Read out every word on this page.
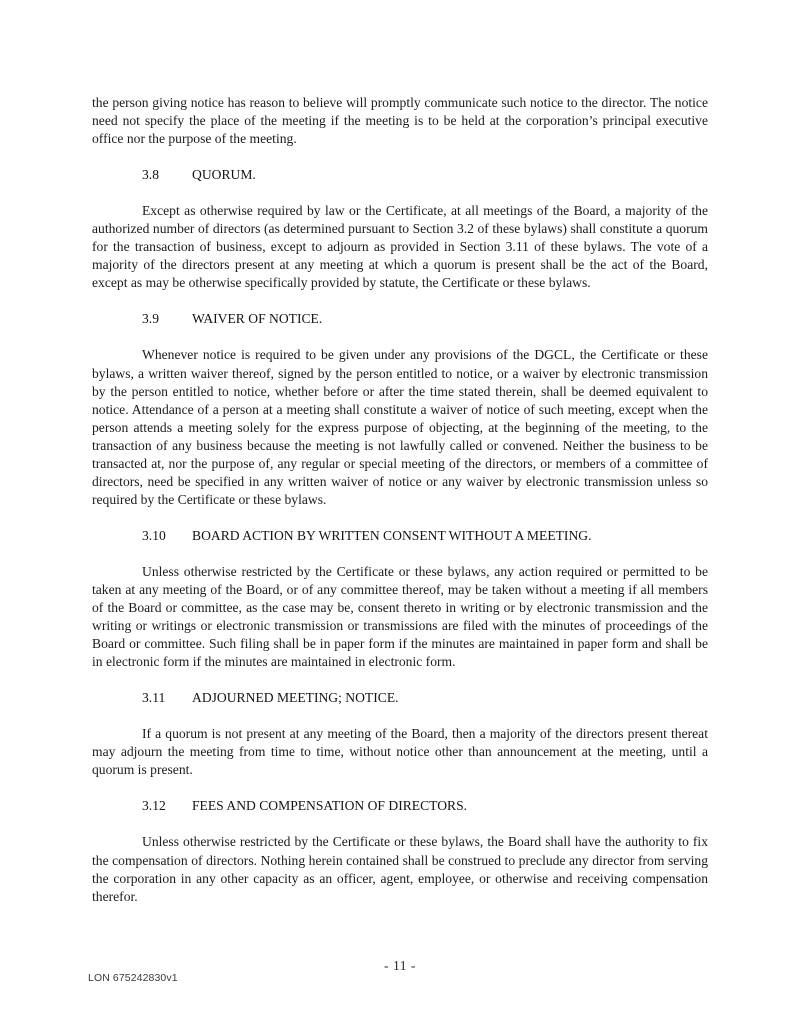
the person giving notice has reason to believe will promptly communicate such notice to the director. The notice need not specify the place of the meeting if the meeting is to be held at the corporation’s principal executive office nor the purpose of the meeting.

3.8 QUORUM.

Except as otherwise required by law or the Certificate, at all meetings of the Board, a majority of the authorized number of directors (as determined pursuant to Section 3.2 of these bylaws) shall constitute a quorum for the transaction of business, except to adjourn as provided in Section 3.11 of these bylaws. The vote of a majority of the directors present at any meeting at which a quorum is present shall be the act of the Board, except as may be otherwise specifically provided by statute, the Certificate or these bylaws.

3.9 WAIVER OF NOTICE.

Whenever notice is required to be given under any provisions of the DGCL, the Certificate or these bylaws, a written waiver thereof, signed by the person entitled to notice, or a waiver by electronic transmission by the person entitled to notice, whether before or after the time stated therein, shall be deemed equivalent to notice. Attendance of a person at a meeting shall constitute a waiver of notice of such meeting, except when the person attends a meeting solely for the express purpose of objecting, at the beginning of the meeting, to the transaction of any business because the meeting is not lawfully called or convened. Neither the business to be transacted at, nor the purpose of, any regular or special meeting of the directors, or members of a committee of directors, need be specified in any written waiver of notice or any waiver by electronic transmission unless so required by the Certificate or these bylaws.

3.10 BOARD ACTION BY WRITTEN CONSENT WITHOUT A MEETING.

Unless otherwise restricted by the Certificate or these bylaws, any action required or permitted to be taken at any meeting of the Board, or of any committee thereof, may be taken without a meeting if all members of the Board or committee, as the case may be, consent thereto in writing or by electronic transmission and the writing or writings or electronic transmission or transmissions are filed with the minutes of proceedings of the Board or committee. Such filing shall be in paper form if the minutes are maintained in paper form and shall be in electronic form if the minutes are maintained in electronic form.

3.11 ADJOURNED MEETING; NOTICE.

If a quorum is not present at any meeting of the Board, then a majority of the directors present thereat may adjourn the meeting from time to time, without notice other than announcement at the meeting, until a quorum is present.

3.12 FEES AND COMPENSATION OF DIRECTORS.

Unless otherwise restricted by the Certificate or these bylaws, the Board shall have the authority to fix the compensation of directors. Nothing herein contained shall be construed to preclude any director from serving the corporation in any other capacity as an officer, agent, employee, or otherwise and receiving compensation therefor.

- 11 -
LON 675242830v1
